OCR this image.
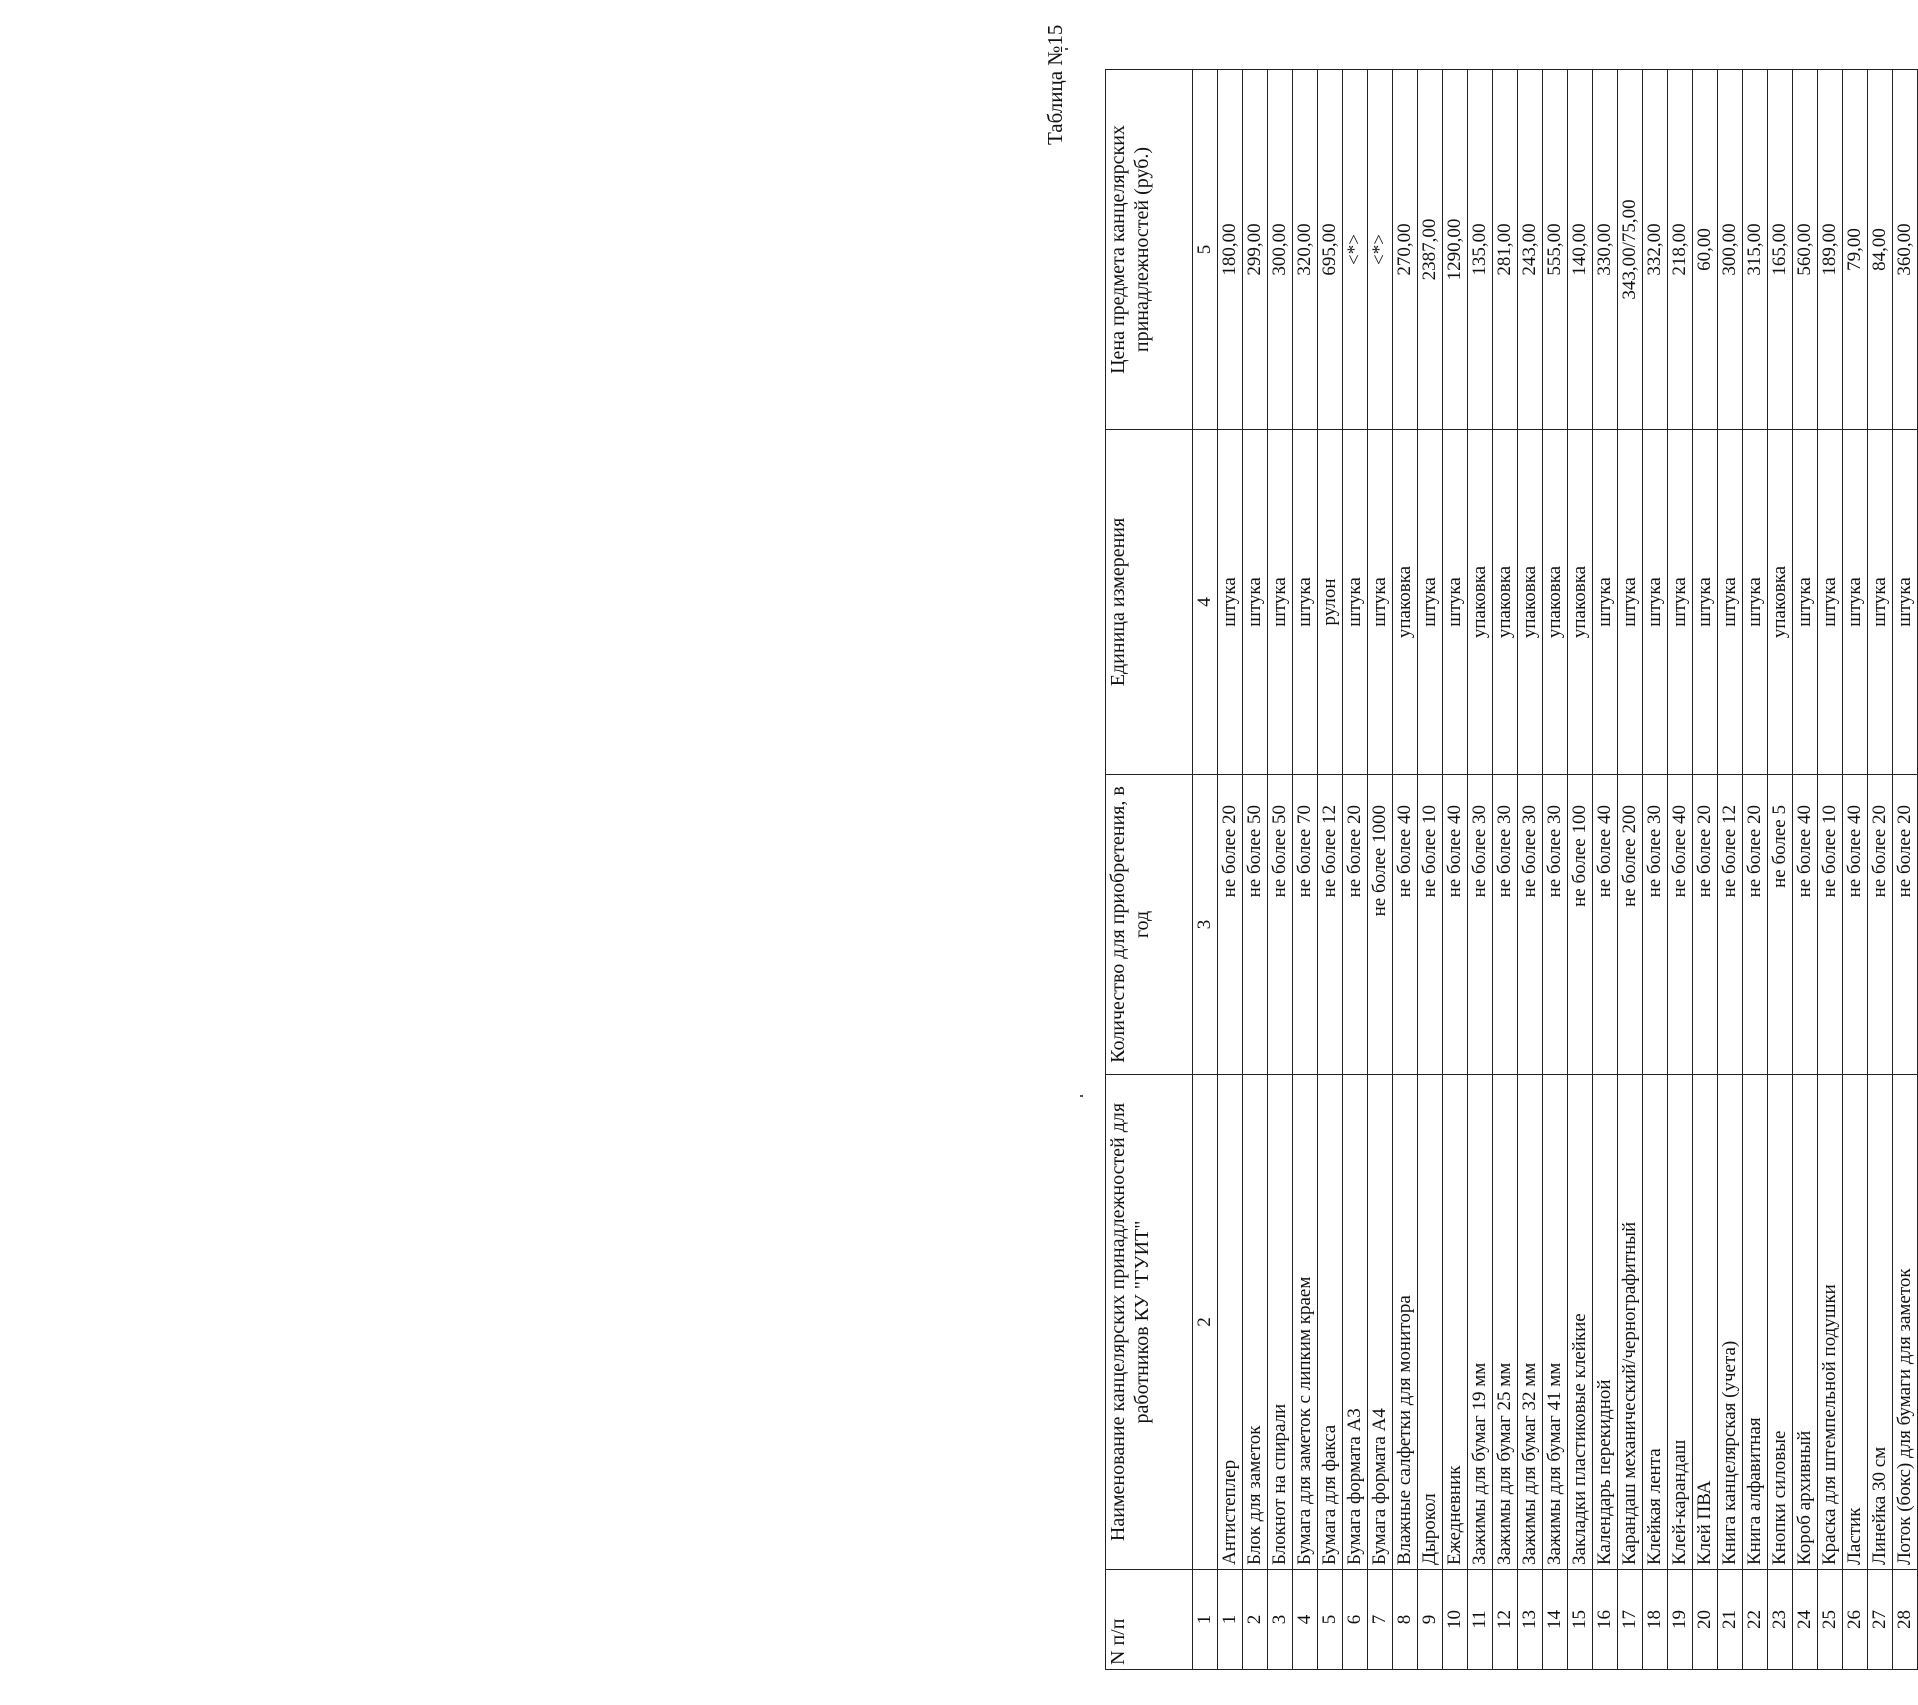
Таблица №15
N п/п	Наименование канцелярских принадлежностей для работников КУ "ГУИТ"	Количество для приобретения, в год	Единица измерения	Цена предмета канцелярских принадлежностей (руб.)
1	2	3	4	5
1	Антистеплер	не более 20	штука	180,00
2	Блок для заметок	не более 50	штука	299,00
3	Блокнот на спирали	не более 50	штука	300,00
4	Бумага для заметок с липким краем	не более 70	штука	320,00
5	Бумага для факса	не более 12	рулон	695,00
6	Бумага формата А3	не более 20	штука	<*>
7	Бумага формата А4	не более 1000	штука	<*>
8	Влажные салфетки для монитора	не более 40	упаковка	270,00
9	Дырокол	не более 10	штука	2387,00
10	Ежедневник	не более 40	штука	1290,00
11	Зажимы для бумаг 19 мм	не более 30	упаковка	135,00
12	Зажимы для бумаг 25 мм	не более 30	упаковка	281,00
13	Зажимы для бумаг 32 мм	не более 30	упаковка	243,00
14	Зажимы для бумаг 41 мм	не более 30	упаковка	555,00
15	Закладки пластиковые клейкие	не более 100	упаковка	140,00
16	Календарь перекидной	не более 40	штука	330,00
17	Карандаш механический/чернографитный	не более 200	штука	343,00/75,00
18	Клейкая лента	не более 30	штука	332,00
19	Клей-карандаш	не более 40	штука	218,00
20	Клей ПВА	не более 20	штука	60,00
21	Книга канцелярская (учета)	не более 12	штука	300,00
22	Книга алфавитная	не более 20	штука	315,00
23	Кнопки силовые	не более 5	упаковка	165,00
24	Короб архивный	не более 40	штука	560,00
25	Краска для штемпельной подушки	не более 10	штука	189,00
26	Ластик	не более 40	штука	79,00
27	Линейка 30 см	не более 20	штука	84,00
28	Лоток (бокс) для бумаги для заметок	не более 20	штука	360,00
